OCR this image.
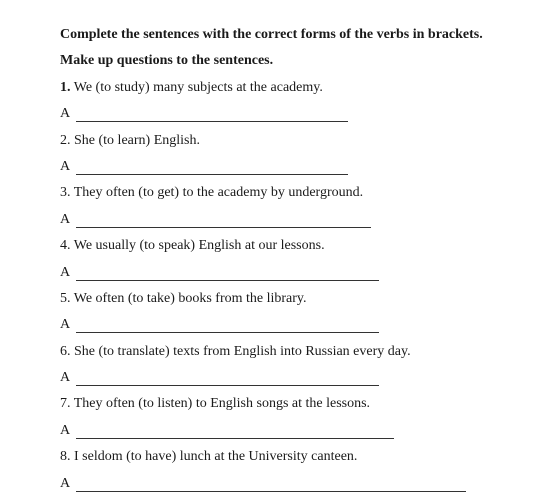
Complete the sentences with the correct forms of the verbs in brackets.
Make up questions to the sentences.
1. We (to study) many subjects at the academy.
A
2. She (to learn) English.
A
3. They often (to get) to the academy by underground.
A
4. We usually (to speak) English at our lessons.
A
5. We often (to take) books from the library.
A
6. She (to translate) texts from English into Russian every day.
A
7. They often (to listen) to English songs at the lessons.
A
8. I seldom (to have) lunch at the University canteen.
A
